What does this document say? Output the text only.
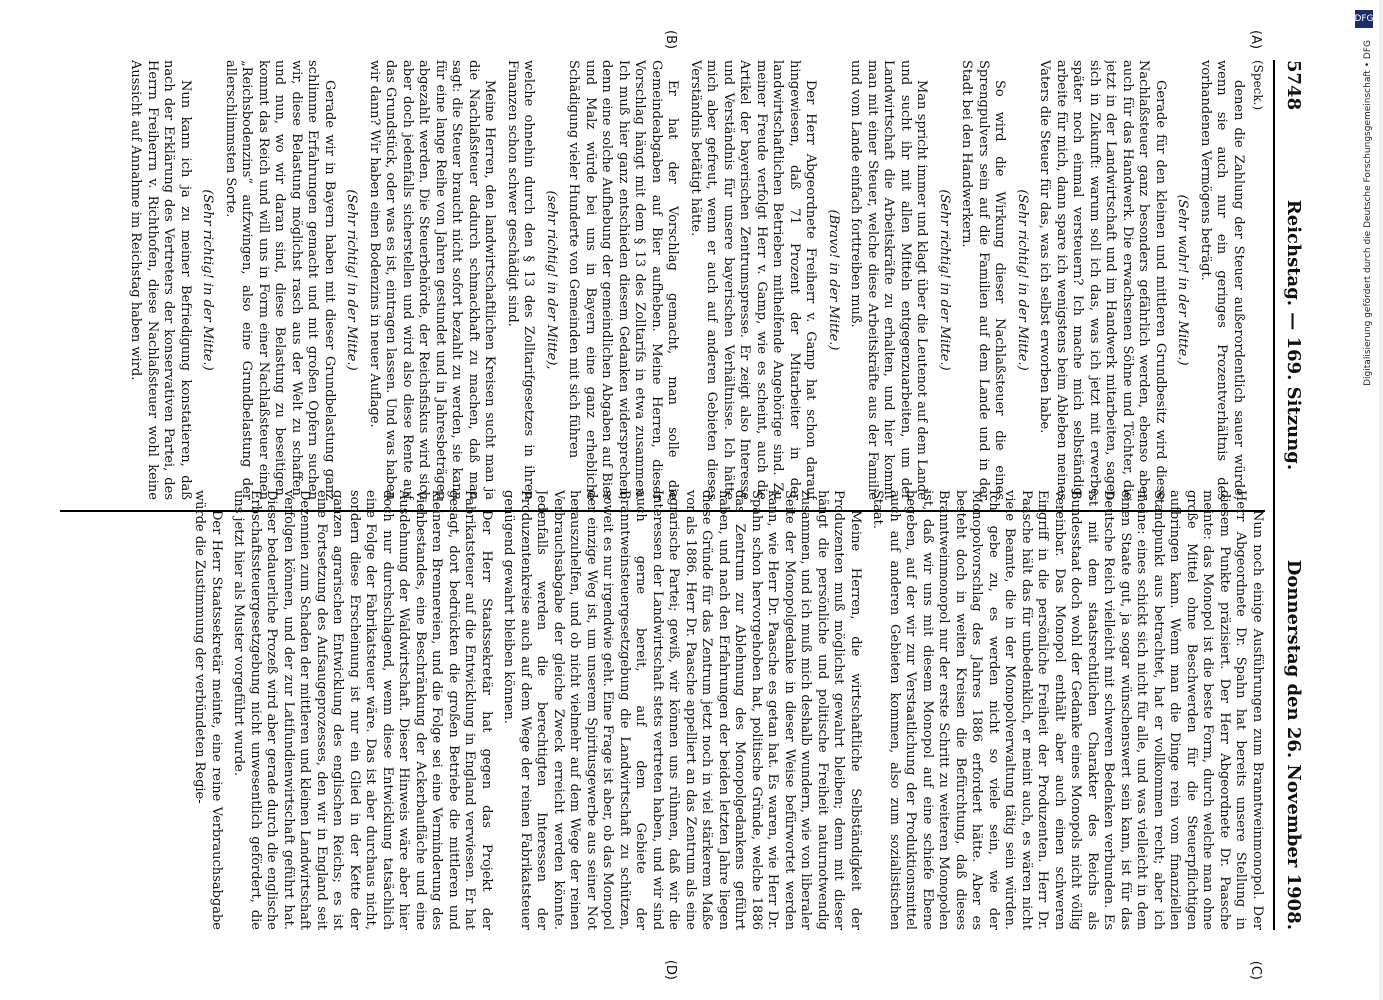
5748
Reichstag. — 169. Sitzung.
Donnerstag den 26. November 1908.
(A)
(B)
(C)
(D)
(Speck.)

denen die Zahlung der Steuer außerordentlich sauer würde, wenn sie auch nur ein geringes Prozentverhältnis des vorhandenen Vermögens beträgt.

(Sehr wahr! in der Mitte.)

Gerade für den kleinen und mittleren Grundbesitz wird diese Nachlaßsteuer ganz besonders gefährlich werden, ebenso aber auch für das Handwerk. Die erwachsenen Söhne und Töchter, die jetzt in der Landwirtschaft und im Handwerk mitarbeiten, sagen sich in Zukunft: warum soll ich das, was ich jetzt mit erwerbe, später noch einmal versteuern? Ich mache mich selbständig, arbeite für mich, dann spare ich wenigstens beim Ableben meines Vaters die Steuer für das, was ich selbst erworben habe.

(Sehr richtig! in der Mitte.)

So wird die Wirkung dieser Nachlaßsteuer die eines Sprengpulvers sein auf die Familien auf dem Lande und in der Stadt bei den Handwerkern.

(Sehr richtig! in der Mitte.)

Man spricht immer und klagt über die Leutenot auf dem Lande und sucht ihr mit allen Mitteln entgegenzuarbeiten, um der Landwirtschaft die Arbeitskräfte zu erhalten, und hier kommt man mit einer Steuer, welche diese Arbeitskräfte aus der Familie und vom Lande einfach forttreiben muß.

(Bravo! in der Mitte.)

Der Herr Abgeordnete Freiherr v. Gamp hat schon darauf hingewiesen, daß 71 Prozent der Mitarbeiter in der landwirtschaftlichen Betrieben mithelfende Angehörige sind. Zu meiner Freude verfolgt Herr v. Gamp, wie es scheint, auch die Artikel der bayerischen Zentrumspresse. Er zeigt also Interesse und Verständnis für unsere bayerischen Verhältnisse. Ich hätte mich aber gefreut, wenn er auch auf anderen Gebieten dieses Verständnis betätigt hätte.

Er hat der Vorschlag gemacht, man solle die Gemeindeabgaben auf Bier aufheben. Meine Herren, dieser Vorschlag hängt mit dem § 13 des Zolltarifs in etwa zusammen. Ich muß hier ganz entschieden diesem Gedanken widersprechen; denn eine solche Aufhebung der gemeindlichen Abgaben auf Bier und Malz würde bei uns in Bayern eine ganz erhebliche Schädigung vieler Hunderte von Gemeinden mit sich führen

(sehr richtig! in der Mitte),

welche ohnehin durch den § 13 des Zolltarifgesetzes in ihren Finanzen schon schwer geschädigt sind.

Meine Herren, den landwirtschaftlichen Kreisen sucht man ja die Nachlaßsteuer dadurch schmackhaft zu machen, daß man sagt: die Steuer braucht nicht sofort bezahlt zu werden, sie kann für eine lange Reihe von Jahren gestundet und in Jahresbeträgen abgezahlt werden. Die Steuerbehörde, der Reichsfiskus wird sich aber doch jedenfalls sicherstellen und wird also diese Rente auf das Grundstück, oder was es ist, eintragen lassen. Und was haben wir dann? Wir haben einen Bodenzins in neuer Auflage.

(Sehr richtig! in der Mitte.)

Gerade wir in Bayern haben mit dieser Grundbelastung ganz schlimme Erfahrungen gemacht und mit großen Opfern suchen wir, diese Belastung möglichst rasch aus der Welt zu schaffen, und nun, wo wir daran sind, diese Belastung zu beseitigen, kommt das Reich und will uns in Form einer Nachlaßsteuer einen „Reichsbodenzins“ aufzwingen, also eine Grundbelastung der allerschlimmsten Sorte.

(Sehr richtig! in der Mitte.)

Nun kann ich ja zu meiner Befriedigung konstatieren, daß nach der Erklärung des Vertreters der konservativen Partei, des Herrn Freiherrn v. Richthofen, diese Nachlaßsteuer wohl keine Aussicht auf Annahme im Reichstag haben wird.

Nun noch einige Ausführungen zum Branntweinmonopol. Der Herr Abgeordnete Dr. Spahn hat bereits unsere Stellung in diesem Punkte präzisiert. Der Herr Abgeordnete Dr. Paasche meinte: das Monopol ist die beste Form, durch welche man ohne große Mittel ohne Beschwerden für die Steuerpflichtigen aufbringen kann. Wenn man die Dinge rein vom finanziellen Standpunkt aus betrachtet, hat er vollkommen recht; aber ich meine: eines schickt sich nicht für alle, und was vielleicht in dem einen Staate gut, ja sogar wünschenswert sein kann, ist für das Deutsche Reich vielleicht mit schweren Bedenken verbunden. Es ist mit dem staatsrechtlichen Charakter des Reichs als Bundesstaat doch wohl der Gedanke eines Monopols nicht völlig vereinbar. Das Monopol enthält aber auch einen schweren Eingriff in die persönliche Freiheit der Produzenten. Herr Dr. Paasche hält das für unbedenklich, er meint auch, es wären nicht viele Beamte, die in der Monopolverwaltung tätig sein würden. Ich gebe zu, es werden nicht so viele sein, wie der Monopolvorschlag des Jahres 1886 erfordert hätte. Aber es besteht doch in weiten Kreisen die Befürchtung, daß dieses Branntweinmonopol nur der erste Schritt zu weiteren Monopolen ist, daß wir uns mit diesem Monopol auf eine schiefe Ebene begeben, auf der wir zur Verstaatlichung der Produktionsmittel auch auf anderen Gebieten kommen, also zum sozialistischen Staat.

Meine Herren, die wirtschaftliche Selbständigkeit der Produzenten muß möglichst gewahrt bleiben; denn mit dieser hängt die persönliche und politische Freiheit naturnotwendig zusammen, und ich muß mich deshalb wundern, wie von liberaler Seite der Monopolgedanke in dieser Weise befürwortet werden kann, wie Herr Dr. Paasche es getan hat. Es waren, wie Herr Dr. Spahn schon hervorgehoben hat, politische Gründe, welche 1886 das Zentrum zur Ablehnung des Monopolgedankens geführt haben, und nach den Erfahrungen der beiden letzten Jahre liegen diese Gründe für das Zentrum jetzt noch in viel stärkerem Maße vor als 1886. Herr Dr. Paasche appelliert an das Zentrum als eine agrarische Partei; gewiß, wir können uns rühmen, daß wir die Interessen der Landwirtschaft stets vertreten haben, und wir sind auch gerne bereit, auf dem Gebiete der Branntweinsteuergesetzgebung die Landwirtschaft zu schützen, soweit es nur irgendwie geht. Eine Frage ist aber, ob das Monopol der einzige Weg ist, um unserem Spiritusgewerbe aus seiner Not herauszuhelfen, und ob nicht vielmehr auf dem Wege der reinen Verbrauchsabgabe der gleiche Zweck erreicht werden könnte. Jedenfalls werden die berechtigten Interessen der Produzentenkreise auch auf dem Wege der reinen Fabrikatsteuer genügend gewahrt bleiben können.

Der Herr Staatssekretär hat gegen das Projekt der Fabrikatsteuer auf die Entwicklung in England verwiesen. Er hat gesagt, dort bedrückten die großen Betriebe die mittleren und kleineren Brennereien, und die Folge sei eine Verminderung des Viehbestandes, eine Beschränkung der Ackerbaufläche und eine Ausdehnung der Waldwirtschaft. Dieser Hinweis wäre aber hier doch nur durchschlagend, wenn diese Entwicklung tatsächlich eine Folge der Fabrikatsteuer wäre. Das ist aber durchaus nicht, sondern diese Erscheinung ist nur ein Glied in der Kette der ganzen agrarischen Entwicklung des englischen Reichs; es ist eine Fortsetzung des Aufsaugeprozesses, den wir in England seit Dezennien zum Schaden der mittleren und kleinen Landwirtschaft verfolgen können, und der zur Latifundienwirtschaft geführt hat. Dieser bedauerliche Prozeß wird aber gerade durch die englische Erbschaftssteuergesetzgebung nicht unwesentlich gefördert, die uns jetzt hier als Muster vorgeführt wurde.

Der Herr Staatssekretär meinte, eine reine Verbrauchsabgabe würde die Zustimmung der verbündeten Regie-

DFG
Digitalisierung gefördert durch die Deutsche Forschungsgemeinschaft • DFG
